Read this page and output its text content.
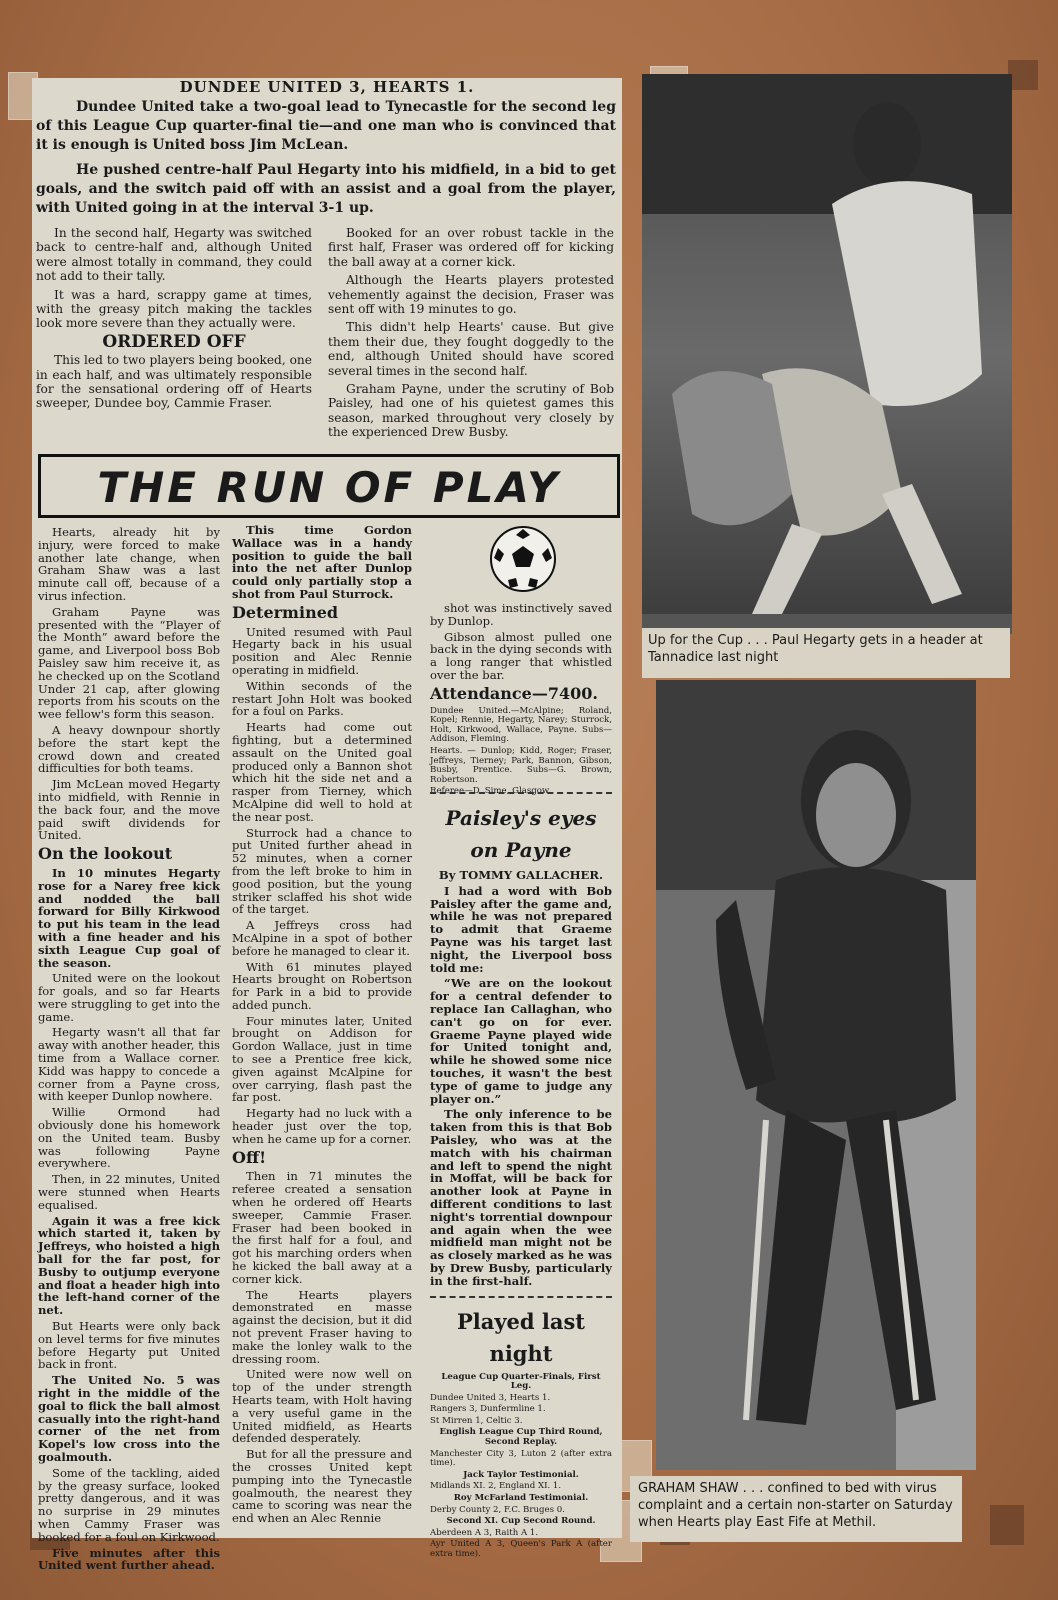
DUNDEE UNITED 3, HEARTS 1.

Dundee United take a two-goal lead to Tynecastle for the second leg of this League Cup quarter-final tie—and one man who is convinced that it is enough is United boss Jim McLean.

He pushed centre-half Paul Hegarty into his midfield, in a bid to get goals, and the switch paid off with an assist and a goal from the player, with United going in at the interval 3-1 up.

In the second half, Hegarty was switched back to centre-half and, although United were almost totally in command, they could not add to their tally.

It was a hard, scrappy game at times, with the greasy pitch making the tackles look more severe than they actually were.

ORDERED OFF

This led to two players being booked, one in each half, and was ultimately responsible for the sensational ordering off of Hearts sweeper, Dundee boy, Cammie Fraser.

Booked for an over robust tackle in the first half, Fraser was ordered off for kicking the ball away at a corner kick.

Although the Hearts players protested vehemently against the decision, Fraser was sent off with 19 minutes to go.

This didn't help Hearts' cause. But give them their due, they fought doggedly to the end, although United should have scored several times in the second half.

Graham Payne, under the scrutiny of Bob Paisley, had one of his quietest games this season, marked throughout very closely by the experienced Drew Busby.

THE RUN OF PLAY

Hearts, already hit by injury, were forced to make another late change, when Graham Shaw was a last minute call off, because of a virus infection.

Graham Payne was presented with the “Player of the Month” award before the game, and Liverpool boss Bob Paisley saw him receive it, as he checked up on the Scotland Under 21 cap, after glowing reports from his scouts on the wee fellow's form this season.

A heavy downpour shortly before the start kept the crowd down and created difficulties for both teams.

Jim McLean moved Hegarty into midfield, with Rennie in the back four, and the move paid swift dividends for United.

On the lookout

In 10 minutes Hegarty rose for a Narey free kick and nodded the ball forward for Billy Kirkwood to put his team in the lead with a fine header and his sixth League Cup goal of the season.

United were on the lookout for goals, and so far Hearts were struggling to get into the game.

Hegarty wasn't all that far away with another header, this time from a Wallace corner. Kidd was happy to concede a corner from a Payne cross, with keeper Dunlop nowhere.

Willie Ormond had obviously done his homework on the United team. Busby was following Payne everywhere.

Then, in 22 minutes, United were stunned when Hearts equalised.

Again it was a free kick which started it, taken by Jeffreys, who hoisted a high ball for the far post, for Busby to outjump everyone and float a header high into the left-hand corner of the net.

But Hearts were only back on level terms for five minutes before Hegarty put United back in front.

The United No. 5 was right in the middle of the goal to flick the ball almost casually into the right-hand corner of the net from Kopel's low cross into the goalmouth.

Some of the tackling, aided by the greasy surface, looked pretty dangerous, and it was no surprise in 29 minutes when Cammy Fraser was booked for a foul on Kirkwood.

Five minutes after this United went further ahead.

This time Gordon Wallace was in a handy position to guide the ball into the net after Dunlop could only partially stop a shot from Paul Sturrock.

Determined

United resumed with Paul Hegarty back in his usual position and Alec Rennie operating in midfield.

Within seconds of the restart John Holt was booked for a foul on Parks.

Hearts had come out fighting, but a determined assault on the United goal produced only a Bannon shot which hit the side net and a rasper from Tierney, which McAlpine did well to hold at the near post.

Sturrock had a chance to put United further ahead in 52 minutes, when a corner from the left broke to him in good position, but the young striker sclaffed his shot wide of the target.

A Jeffreys cross had McAlpine in a spot of bother before he managed to clear it.

With 61 minutes played Hearts brought on Robertson for Park in a bid to provide added punch.

Four minutes later, United brought on Addison for Gordon Wallace, just in time to see a Prentice free kick, given against McAlpine for over carrying, flash past the far post.

Hegarty had no luck with a header just over the top, when he came up for a corner.

Off!

Then in 71 minutes the referee created a sensation when he ordered off Hearts sweeper, Cammie Fraser. Fraser had been booked in the first half for a foul, and got his marching orders when he kicked the ball away at a corner kick.

The Hearts players demonstrated en masse against the decision, but it did not prevent Fraser having to make the lonley walk to the dressing room.

United were now well on top of the under strength Hearts team, with Holt having a very useful game in the United midfield, as Hearts defended desperately.

But for all the pressure and the crosses United kept pumping into the Tynecastle goalmouth, the nearest they came to scoring was near the end when an Alec Rennie

shot was instinctively saved by Dunlop.

Gibson almost pulled one back in the dying seconds with a long ranger that whistled over the bar.

Attendance—7400.

Dundee United.—McAlpine; Roland, Kopel; Rennie, Hegarty, Narey; Sturrock, Holt, Kirkwood, Wallace, Payne. Subs—Addison, Fleming.

Hearts. — Dunlop; Kidd, Roger; Fraser, Jeffreys, Tierney; Park, Bannon, Gibson, Busby, Prentice. Subs—G. Brown, Robertson.

Referee—D. Sime, Glasgow.

Paisley's eyes
on Payne

By TOMMY GALLACHER.

I had a word with Bob Paisley after the game and, while he was not prepared to admit that Graeme Payne was his target last night, the Liverpool boss told me:

“We are on the lookout for a central defender to replace Ian Callaghan, who can't go on for ever. Graeme Payne played wide for United tonight and, while he showed some nice touches, it wasn't the best type of game to judge any player on.”

The only inference to be taken from this is that Bob Paisley, who was at the match with his chairman and left to spend the night in Moffat, will be back for another look at Payne in different conditions to last night's torrential downpour and again when the wee midfield man might not be as closely marked as he was by Drew Busby, particularly in the first-half.

Played last
night

League Cup Quarter-Finals, First Leg.

Dundee United 3, Hearts 1.

Rangers 3, Dunfermline 1.

St Mirren 1, Celtic 3.

English League Cup Third Round, Second Replay.

Manchester City 3, Luton 2 (after extra time).

Jack Taylor Testimonial.

Midlands XI. 2, England XI. 1.

Roy McFarland Testimonial.

Derby County 2, F.C. Bruges 0.

Second XI. Cup Second Round.

Aberdeen A 3, Raith A 1.

Ayr United A 3, Queen's Park A (after extra time).

Up for the Cup . . . Paul Hegarty gets in a header at Tannadice last night
GRAHAM SHAW . . . confined to bed with virus complaint and a certain non-starter on Saturday when Hearts play East Fife at Methil.
